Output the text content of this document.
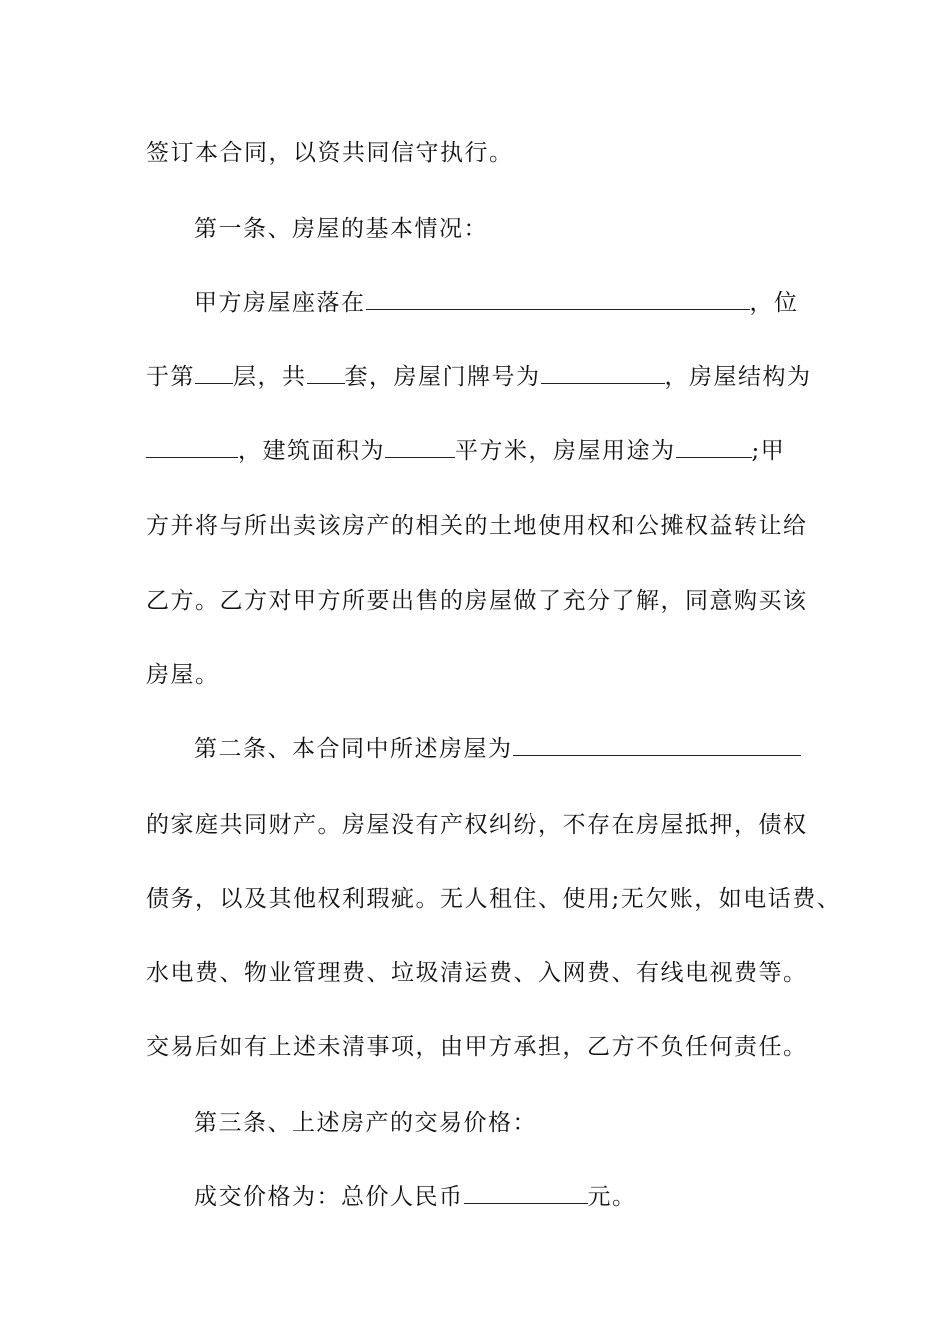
签订本合同，以资共同信守执行。
第一条、房屋的基本情况：
甲方房屋座落在	，位
于第 层，共 套，房屋门牌号为	，房屋结构为
，建筑面积为	平方米，房屋用途为	;甲
方并将与所出卖该房产的相关的土地使用权和公摊权益转让给
乙方。乙方对甲方所要出售的房屋做了充分了解，同意购买该
房屋。
第二条、本合同中所述房屋为
的家庭共同财产。房屋没有产权纠纷，不存在房屋抵押，债权
债务，以及其他权利瑕疵。无人租住、使用;无欠账，如电话费、
水电费、物业管理费、垃圾清运费、入网费、有线电视费等。
交易后如有上述未清事项，由甲方承担，乙方不负任何责任。
第三条、上述房产的交易价格：
成交价格为：总价人民币	元。
